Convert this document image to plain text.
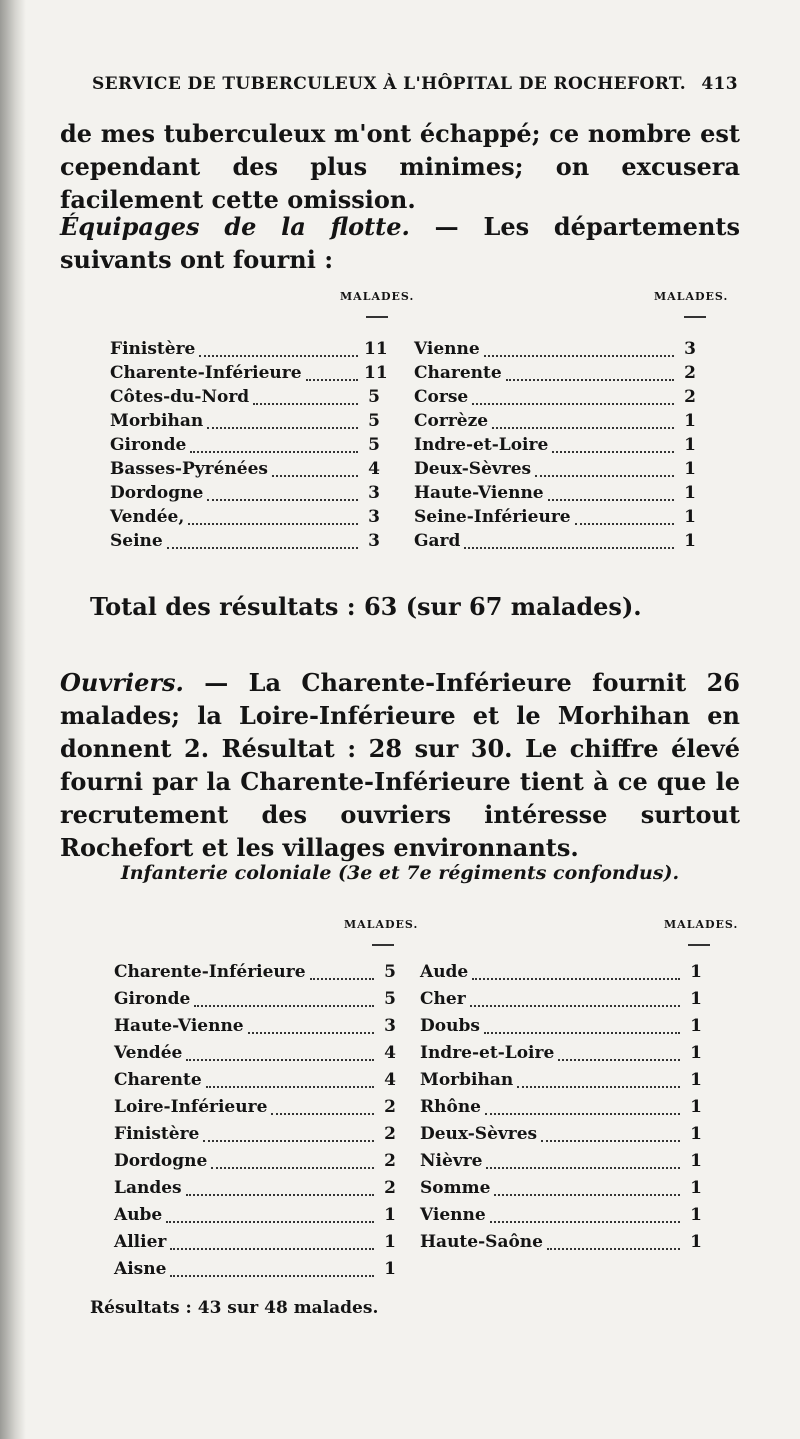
SERVICE DE TUBERCULEUX À L'HÔPITAL DE ROCHEFORT. 413
de mes tuberculeux m'ont échappé; ce nombre est cependant des plus minimes; on excusera facilement cette omission.
Équipages de la flotte. — Les départements suivants ont fourni :
MALADES.	MALADES.
Finistère	11
Charente-Inférieure	11
Côtes-du-Nord	5
Morbihan	5
Gironde	5
Basses-Pyrénées	4
Dordogne	3
Vendée,	3
Seine	3
Vienne	3
Charente	2
Corse	2
Corrèze	1
Indre-et-Loire	1
Deux-Sèvres	1
Haute-Vienne	1
Seine-Inférieure	1
Gard	1
Total des résultats : 63 (sur 67 malades).
Ouvriers. — La Charente-Inférieure fournit 26 malades; la Loire-Inférieure et le Morhihan en donnent 2. Résultat : 28 sur 30. Le chiffre élevé fourni par la Charente-Inférieure tient à ce que le recrutement des ouvriers intéresse surtout Rochefort et les villages environnants.
Infanterie coloniale (3e et 7e régiments confondus).
MALADES.	MALADES.
Charente-Inférieure	5
Gironde	5
Haute-Vienne	3
Vendée	4
Charente	4
Loire-Inférieure	2
Finistère	2
Dordogne	2
Landes	2
Aube	1
Allier	1
Aisne	1
Aude	1
Cher	1
Doubs	1
Indre-et-Loire	1
Morbihan	1
Rhône	1
Deux-Sèvres	1
Nièvre	1
Somme	1
Vienne	1
Haute-Saône	1
Résultats : 43 sur 48 malades.
